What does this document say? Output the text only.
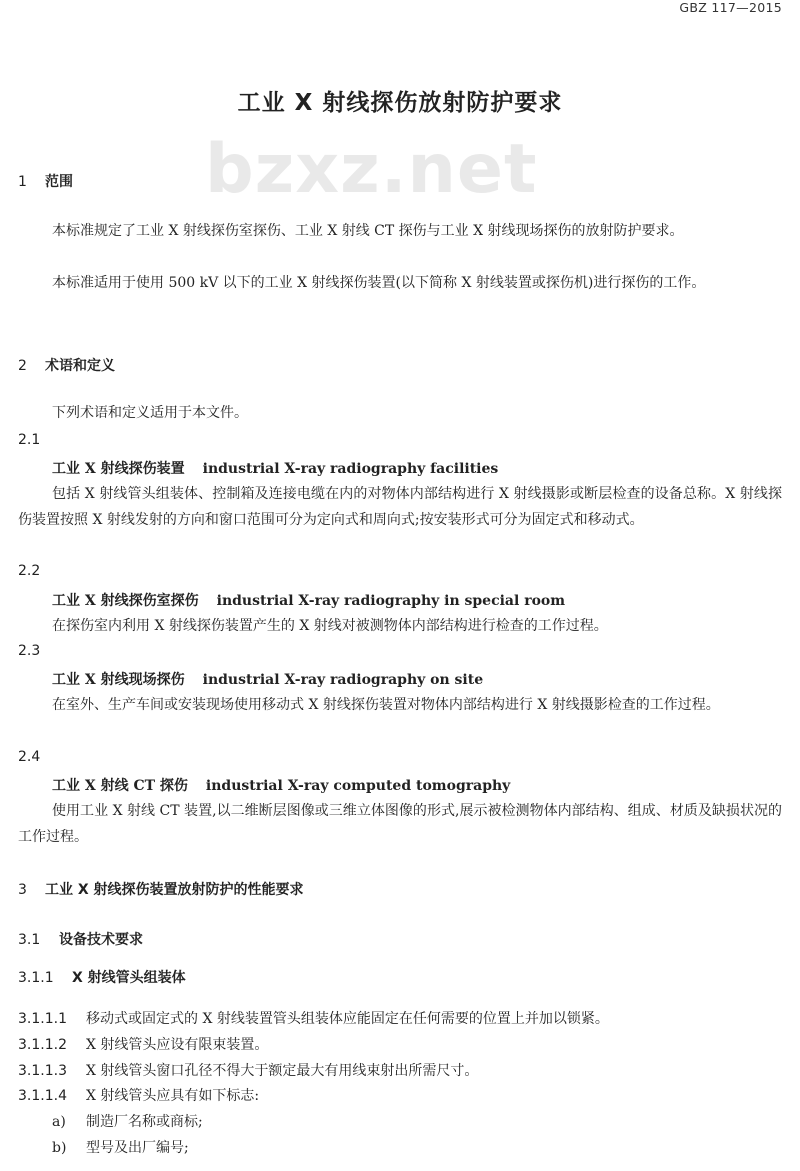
GBZ 117—2015
bzxz.net
工业 X 射线探伤放射防护要求
1 范围
本标准规定了工业 X 射线探伤室探伤、工业 X 射线 CT 探伤与工业 X 射线现场探伤的放射防护要求。
本标准适用于使用 500 kV 以下的工业 X 射线探伤装置(以下简称 X 射线装置或探伤机)进行探伤的工作。
2 术语和定义
下列术语和定义适用于本文件。
2.1
工业 X 射线探伤装置 industrial X-ray radiography facilities
包括 X 射线管头组装体、控制箱及连接电缆在内的对物体内部结构进行 X 射线摄影或断层检查的设备总称。X 射线探伤装置按照 X 射线发射的方向和窗口范围可分为定向式和周向式;按安装形式可分为固定式和移动式。
2.2
工业 X 射线探伤室探伤 industrial X-ray radiography in special room
在探伤室内利用 X 射线探伤装置产生的 X 射线对被测物体内部结构进行检查的工作过程。
2.3
工业 X 射线现场探伤 industrial X-ray radiography on site
在室外、生产车间或安装现场使用移动式 X 射线探伤装置对物体内部结构进行 X 射线摄影检查的工作过程。
2.4
工业 X 射线 CT 探伤 industrial X-ray computed tomography
使用工业 X 射线 CT 装置,以二维断层图像或三维立体图像的形式,展示被检测物体内部结构、组成、材质及缺损状况的工作过程。
3 工业 X 射线探伤装置放射防护的性能要求
3.1 设备技术要求
3.1.1 X 射线管头组装体
3.1.1.1 移动式或固定式的 X 射线装置管头组装体应能固定在任何需要的位置上并加以锁紧。
3.1.1.2 X 射线管头应设有限束装置。
3.1.1.3 X 射线管头窗口孔径不得大于额定最大有用线束射出所需尺寸。
3.1.1.4 X 射线管头应具有如下标志:
a) 制造厂名称或商标;
b) 型号及出厂编号;
